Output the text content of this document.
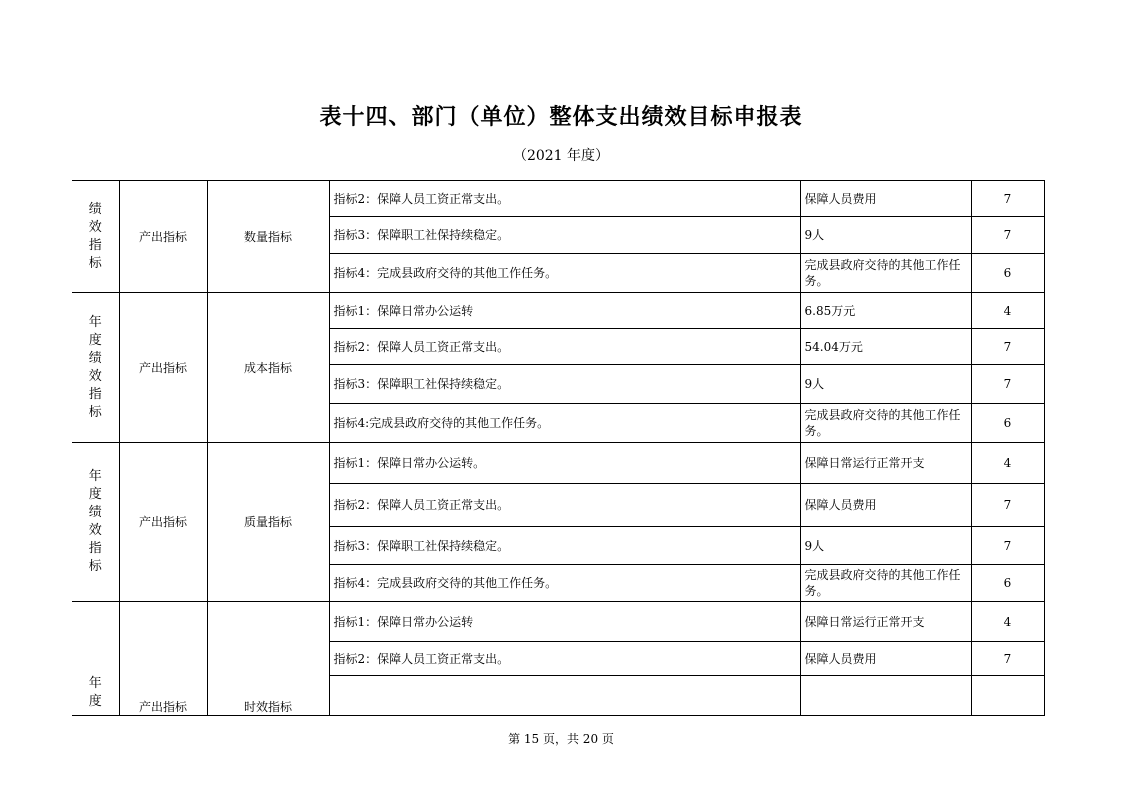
表十四、部门（单位）整体支出绩效目标申报表
（2021 年度）
绩效指标	产出指标	数量指标	指标2：保障人员工资正常支出。	保障人员费用	7
			指标3：保障职工社保持续稳定。	9人	7
			指标4：完成县政府交待的其他工作任务。	完成县政府交待的其他工作任务。	6

年度绩效指标	产出指标	成本指标	指标1：保障日常办公运转	6.85万元	4
			指标2：保障人员工资正常支出。	54.04万元	7
			指标3：保障职工社保持续稳定。	9人	7
			指标4:完成县政府交待的其他工作任务。	完成县政府交待的其他工作任务。	6

年度绩效指标	产出指标	质量指标	指标1：保障日常办公运转。	保障日常运行正常开支	4
			指标2：保障人员工资正常支出。	保障人员费用	7
			指标3：保障职工社保持续稳定。	9人	7
			指标4：完成县政府交待的其他工作任务。	完成县政府交待的其他工作任务。	6

年度	产出指标	时效指标	指标1：保障日常办公运转	保障日常运行正常开支	4
			指标2：保障人员工资正常支出。	保障人员费用	7

第 15 页，共 20 页
